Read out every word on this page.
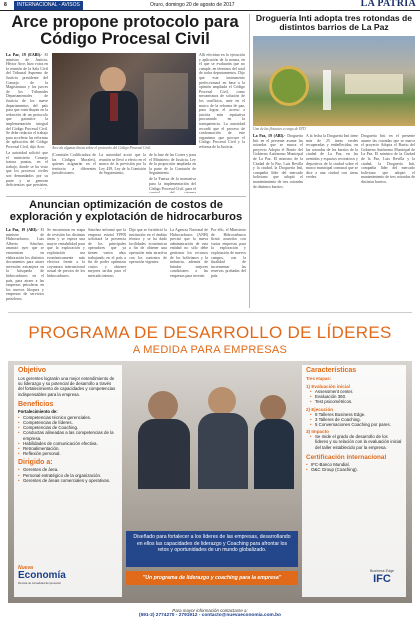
8	INTERNACIONAL - AVISOS	Oruro, domingo 20 de agosto de 2017	LA PATRIA
Arce propone protocolo para Código Procesal Civil

La Paz, 19 (EABI).- El ministro de Justicia, Héctor Arce, hizo votos en la reunión de la Sala Civil del Tribunal Supremo de Justicia presidente del Consejo de la Magistratura y los jueces de los Tribunales Departamentales de Justicia de los nueve departamentos del país para que contribuyan en la redacción de un protocolo que garantice la implementación integral del Código Procesal Civil. Se debe redactar el trabajo para accelerar las reformas de aplicación del Código Procesal Civil, dijo Arce.

La autoridad solicitó que el ministerio Consejo tratara puntos, en el trabajo, donde se ha visto que los procesos civiles son demandados por su parte y se generan deficiencias que persisten,

Arce da algunas líneas sobre el protocolo del Código Procesal Civil.

(Comisión Codificadora de las Códigos Morales), quienes asignarán en el territorio a diferentes jurisdicciones.

La autoridad acotó que la reunión se llevó a efecto en el marco de la previsión por la Ley 439, Ley de la Comisión de Seguimiento,

de la fase de las Cortes y para el Ministerio de Justicia, Ley de la proporción ampliada en la parte de la Comisión de Seguimiento.

de la Fuerza de la normativa para la implementación del Código Procesal Civil, para el

Allí efectúan en la ejecución y aplicación de la norma, en el que se evaluarán que no cumple, en términos del total de todos departamentos. Dijo que este instrumento perfeccionará en base a la opinión ampliada el Código Procesal Civil, como mecanismos de solución de los conflictos, ante en el marco de la reforma de paz, para lograr el acceso a justicia más equitativa procurando en la transparencia. La autoridad recordó que el proceso de conformación de este organismo que procure el Código Procesal Civil y la reforma de la Justicia.

Anuncian optimización de costos de exploración y explotación de hidrocarburos

La Paz, 19 (ABI).- El ministro de Hidrocarburos, Luis Alberto Sánchez, anunció ayer que se encuentran en elaboración los distintos documentos para atraer inversión extranjera en la búsqueda de hidrocarburos en el país, para atraer a las empresas petroleras en los nuevos bloques y empresas de servicios petroleros.

Se encuentran en etapa de revisión las distintas áreas y se espera una mayor rentabilidad para que la exploración y explotación sea económicamente más efectiva frente a la coyuntura internacional actual de precios de los hidrocarburos.

Sánchez informó que la empresa estatal YPFB solicitará la presencia de los principales operadores que ya tienen varios años trabajando en el país a fin de poder optimizar costos y obtener mejores tarifas para el mercado interno.

Dijo que se fortaleció la institución en el ámbito técnico y se ha dado facilidades económicas a fin de obtener una operación más atractiva con los contratos de operación vigentes.

La Agencia Nacional de Hidrocarburos (ANH) precisó que la nueva administración de esta entidad no sólo debe gestionar los recursos de los bolivianos y la industria, además de brindar mejores condiciones a las empresas para invertir.

Por ello, el Ministerio de Hidrocarburos firmó acuerdos con varias empresas para la exploración y explotación de nuevos campos, con la finalidad de incrementar las reservas probadas del país.

Droguería Inti adopta tres rotondas de distintos barrios de La Paz
Una de las flotantes a cargo de INTI

La Paz, 19 (ABI).- Droguería Inti en el presente asume las rotondas que se marca el proyecto Adopta el Barrio del Gobierno Autónomo Municipal de La Paz. El ministro de la Ciudad de la Paz, Luis Revilla y la ciudad, la Droguería Inti, compañía líder del mercado boliviano que adoptó el mantenimiento de tres rotondas de distintos barrios.

A la fecha la Droguería Inti tiene más de 25 áreas verdes recuperadas y embellecidas, en las rotondas de los barrios de la ciudad de La Paz, en las avenidas y espacios recreativos y deportivos de la ciudad sobre el marco municipal comunal que se dice a una ciudad con áreas verdes.

Droguería Inti en el presente asume las rotondas que se marca el proyecto Adopta el Barrio del Gobierno Autónomo Municipal de La Paz. El ministro de la Ciudad de la Paz, Luis Revilla y la ciudad, la Droguería Inti, compañía líder del mercado boliviano que adoptó el mantenimiento de tres rotondas de distintos barrios.

PROGRAMA DE DESARROLLO DE LÍDERES
A MEDIDA PARA EMPRESAS
Objetivo
Los gerentes lograrán una mejor entendimiento de su liderazgo y su potencial de desarrollo a través del fortalecimiento de capacidades y competencias indispensables para la empresa.
Beneficios
Fortalecimiento de:
• Competencias técnico gerenciales.
• Competencias de líderes.
• Competencias de Coaching.
• Conductas alineadas a las competencias de la empresa.
• Habilidades de comunicación efectiva.
• Retroalimentación.
• Reflexión personal.
Dirigido a:
• Gerentes de área.
• Personal estratégico de la organización.
• Gerentes de áreas comerciales y operativas.
Nueva
Economía
Revista de Actualidad Empresarial
Diseñado para fortalecer a los líderes de las empresas, desarrollando en ellos las capacidades de liderazgo y Coaching para afrontar los retos y oportunidades de un mundo globalizado.
"Un programa de liderazgo y coaching para la empresa"
Características
Tres etapas:
1) Evaluación inicial
• Assessment center.
• Evaluación 360.
• Test psicométricos.
2) Ejecución
• 8 Talleres Business Edge.
• 3 Talleres de Coaching.
• 5 Conversaciones Coaching por pares.
3) Impacto
• Se mide el grado de desarrollo de los líderes y su relación con la evaluación inicial del taller establecido por la empresa.
Certificación internacional
• IFC-Banco Mundial.
• O&C Group (Coaching).
Business Edge
IFC
Para mayor información contactarse a:
(591-2) 2774270 - 2791912 - contacto@nuevaeconomia.com.bo
